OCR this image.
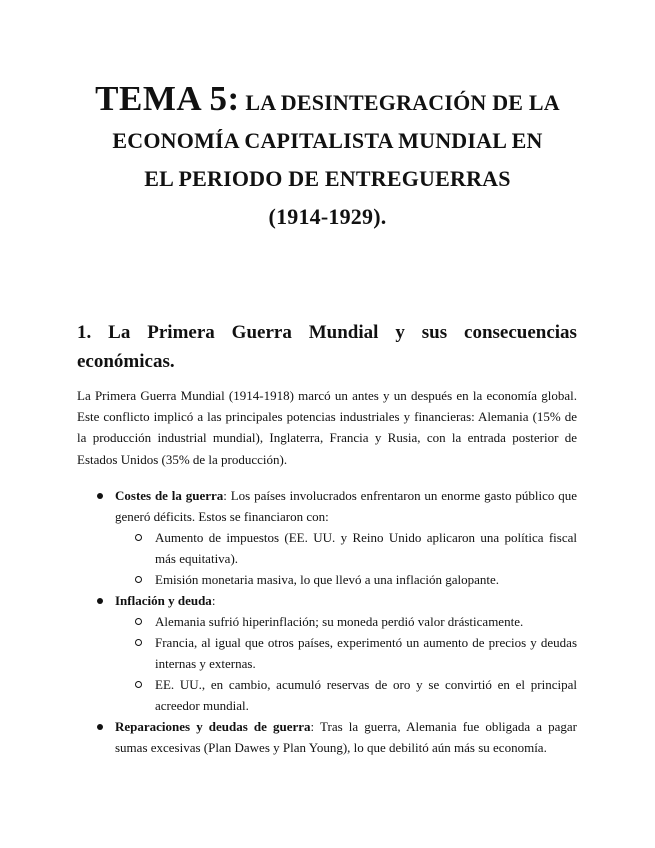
TEMA 5: LA DESINTEGRACIÓN DE LA
ECONOMÍA CAPITALISTA MUNDIAL EN
EL PERIODO DE ENTREGUERRAS
(1914-1929).
1. La Primera Guerra Mundial y sus consecuencias
económicas.
La Primera Guerra Mundial (1914-1918) marcó un antes y un después en la economía global. Este conflicto implicó a las principales potencias industriales y financieras: Alemania (15% de la producción industrial mundial), Inglaterra, Francia y Rusia, con la entrada posterior de Estados Unidos (35% de la producción).
Costes de la guerra: Los países involucrados enfrentaron un enorme gasto público que generó déficits. Estos se financiaron con:
Aumento de impuestos (EE. UU. y Reino Unido aplicaron una política fiscal más equitativa).
Emisión monetaria masiva, lo que llevó a una inflación galopante.
Inflación y deuda:
Alemania sufrió hiperinflación; su moneda perdió valor drásticamente.
Francia, al igual que otros países, experimentó un aumento de precios y deudas internas y externas.
EE. UU., en cambio, acumuló reservas de oro y se convirtió en el principal acreedor mundial.
Reparaciones y deudas de guerra: Tras la guerra, Alemania fue obligada a pagar sumas excesivas (Plan Dawes y Plan Young), lo que debilitó aún más su economía.
